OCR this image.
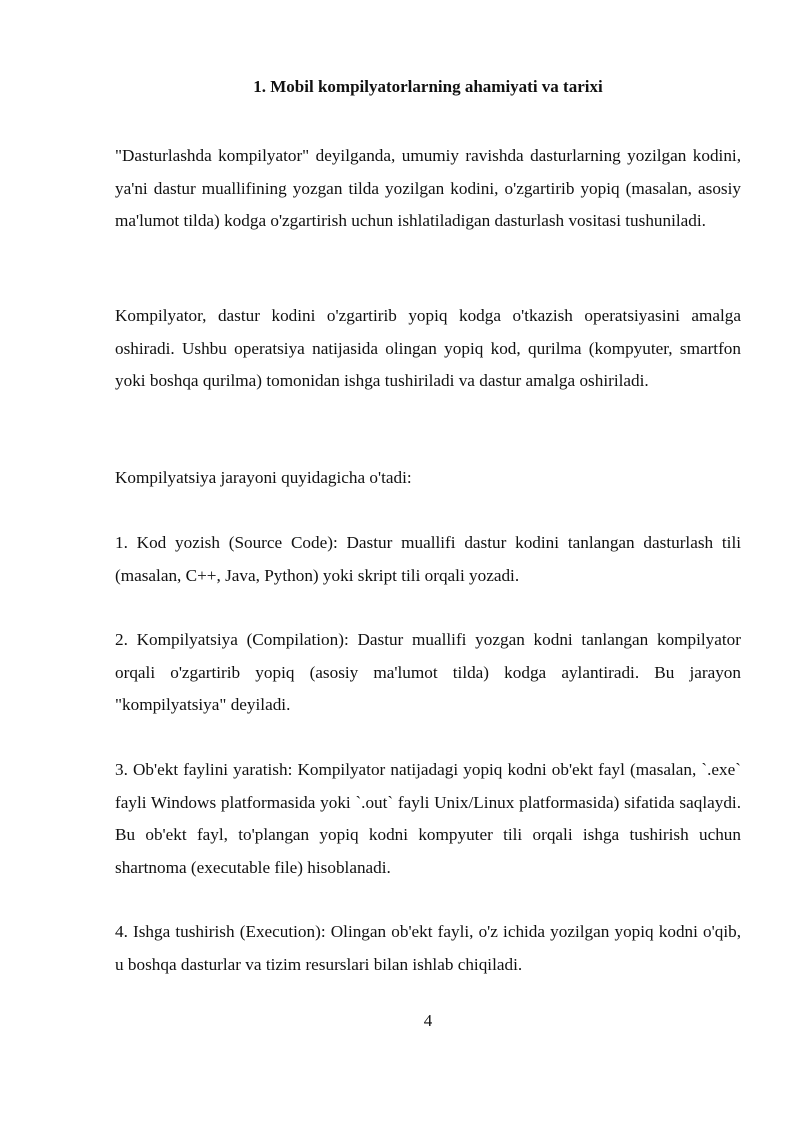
1. Mobil kompilyatorlarning ahamiyati va tarixi

"Dasturlashda kompilyator" deyilganda, umumiy ravishda dasturlarning yozilgan kodini, ya'ni dastur muallifining yozgan tilda yozilgan kodini, o'zgartirib yopiq (masalan, asosiy ma'lumot tilda) kodga o'zgartirish uchun ishlatiladigan dasturlash vositasi tushuniladi.

Kompilyator, dastur kodini o'zgartirib yopiq kodga o'tkazish operatsiyasini amalga oshiradi. Ushbu operatsiya natijasida olingan yopiq kod, qurilma (kompyuter, smartfon yoki boshqa qurilma) tomonidan ishga tushiriladi va dastur amalga oshiriladi.

Kompilyatsiya jarayoni quyidagicha o'tadi:

1. Kod yozish (Source Code): Dastur muallifi dastur kodini tanlangan dasturlash tili (masalan, C++, Java, Python) yoki skript tili orqali yozadi.

2. Kompilyatsiya (Compilation): Dastur muallifi yozgan kodni tanlangan kompilyator orqali o'zgartirib yopiq (asosiy ma'lumot tilda) kodga aylantiradi. Bu jarayon "kompilyatsiya" deyiladi.

3. Ob'ekt faylini yaratish: Kompilyator natijadagi yopiq kodni ob'ekt fayl (masalan, `.exe` fayli Windows platformasida yoki `.out` fayli Unix/Linux platformasida) sifatida saqlaydi. Bu ob'ekt fayl, to'plangan yopiq kodni kompyuter tili orqali ishga tushirish uchun shartnoma (executable file) hisoblanadi.

4. Ishga tushirish (Execution): Olingan ob'ekt fayli, o'z ichida yozilgan yopiq kodni o'qib, u boshqa dasturlar va tizim resurslari bilan ishlab chiqiladi.

4
